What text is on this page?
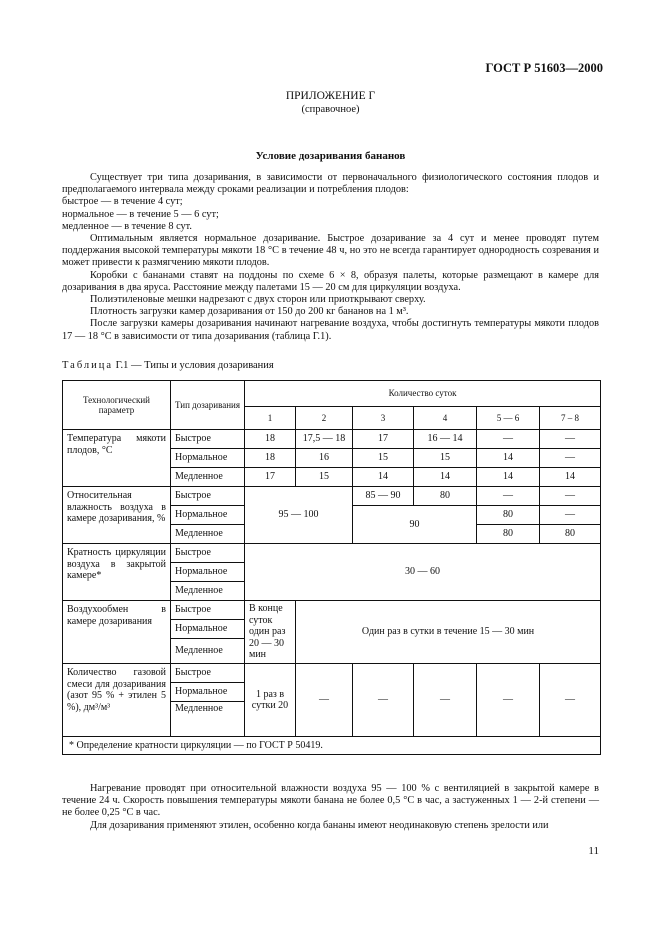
ГОСТ Р 51603—2000
ПРИЛОЖЕНИЕ Г
(справочное)
Условие дозаривания бананов

Существует три типа дозаривания, в зависимости от первоначального физиологического состояния плодов и предполагаемого интервала между сроками реализации и потребления плодов:

быстрое — в течение 4 сут;

нормальное — в течение 5 — 6 сут;

медленное — в течение 8 сут.

Оптимальным является нормальное дозаривание. Быстрое дозаривание за 4 сут и менее проводят путем поддержания высокой температуры мякоти 18 °С в течение 48 ч, но это не всегда гарантирует однородность созревания и может привести к размягчению мякоти плодов.

Коробки с бананами ставят на поддоны по схеме 6 × 8, образуя палеты, которые размещают в камере для дозаривания в два яруса. Расстояние между палетами 15 — 20 см для циркуляции воздуха.

Полиэтиленовые мешки надрезают с двух сторон или приоткрывают сверху.

Плотность загрузки камер дозаривания от 150 до 200 кг бананов на 1 м³.

После загрузки камеры дозаривания начинают нагревание воздуха, чтобы достигнуть температуры мякоти плодов 17 — 18 °С в зависимости от типа дозаривания (таблица Г.1).

Таблица Г.1 — Типы и условия дозаривания
Технологический параметр	Тип дозаривания	Количество суток					
		1	2	3	4	5 — 6	7 – 8
Температура мякоти плодов, °С	Быстрое	18	17,5 — 18	17	16 — 14	—	—
	Нормальное	18	16	15	15	14	—
	Медленное	17	15	14	14	14	14
Относительная влажность воздуха в камере дозаривания, %	Быстрое	95 — 100		85 — 90	80	—	—
	Нормальное			90		80	—
	Медленное					80	80
Кратность циркуляции воздуха в закрытой камере*	Быстрое	30 — 60					
	Нормальное						
	Медленное						
Воздухообмен в камере дозаривания	Быстрое	В конце суток один раз 20 — 30 мин	Один раз в сутки в течение 15 — 30 мин				
	Нормальное						
	Медленное						
Количество газовой смеси для дозаривания (азот 95 % + этилен 5 %), дм³/м³	Быстрое	1 раз в сутки 20	—	—	—	—	—
	Нормальное						
	Медленное						
* Определение кратности циркуляции — по ГОСТ Р 50419.							

Нагревание проводят при относительной влажности воздуха 95 — 100 % с вентиляцией в закрытой камере в течение 24 ч. Скорость повышения температуры мякоти банана не более 0,5 °С в час, а застуженных 1 — 2-й степени — не более 0,25 °С в час.

Для дозаривания применяют этилен, особенно когда бананы имеют неодинаковую степень зрелости или

11
